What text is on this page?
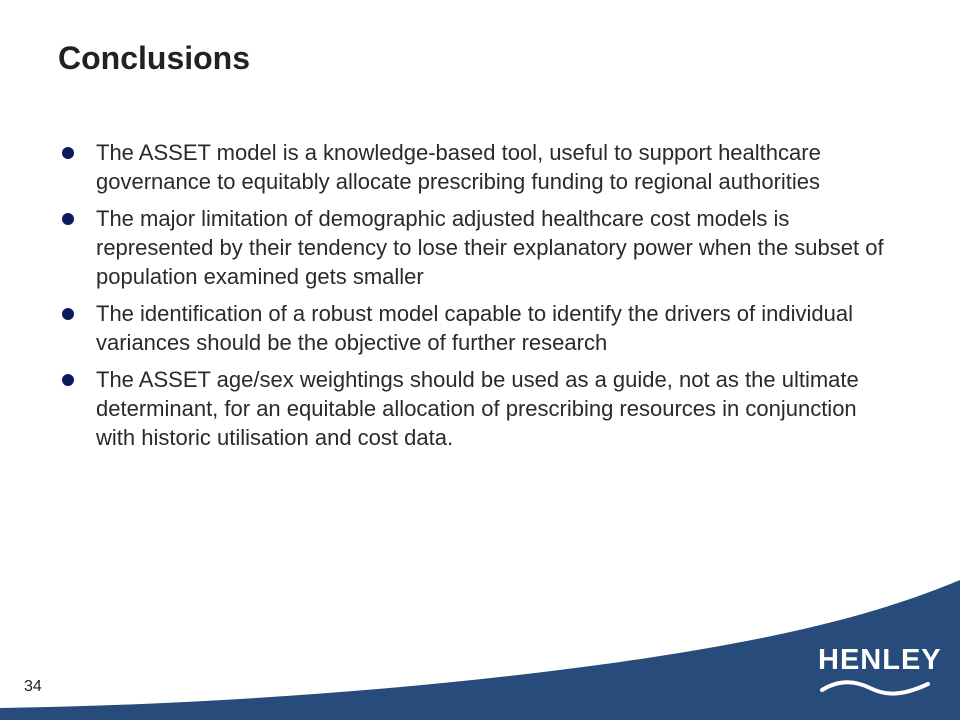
Conclusions
The ASSET model is a knowledge-based tool, useful to support healthcare governance to equitably allocate prescribing funding to regional authorities
The major limitation of demographic adjusted healthcare cost models is represented by their tendency to lose their explanatory power when the subset of population examined gets smaller
The identification of a robust model capable to identify the drivers of individual variances should be the objective of further research
The ASSET age/sex weightings should be used as a guide, not as the ultimate determinant, for an equitable allocation of prescribing resources in conjunction with historic utilisation and cost data.
34
HENLEY
